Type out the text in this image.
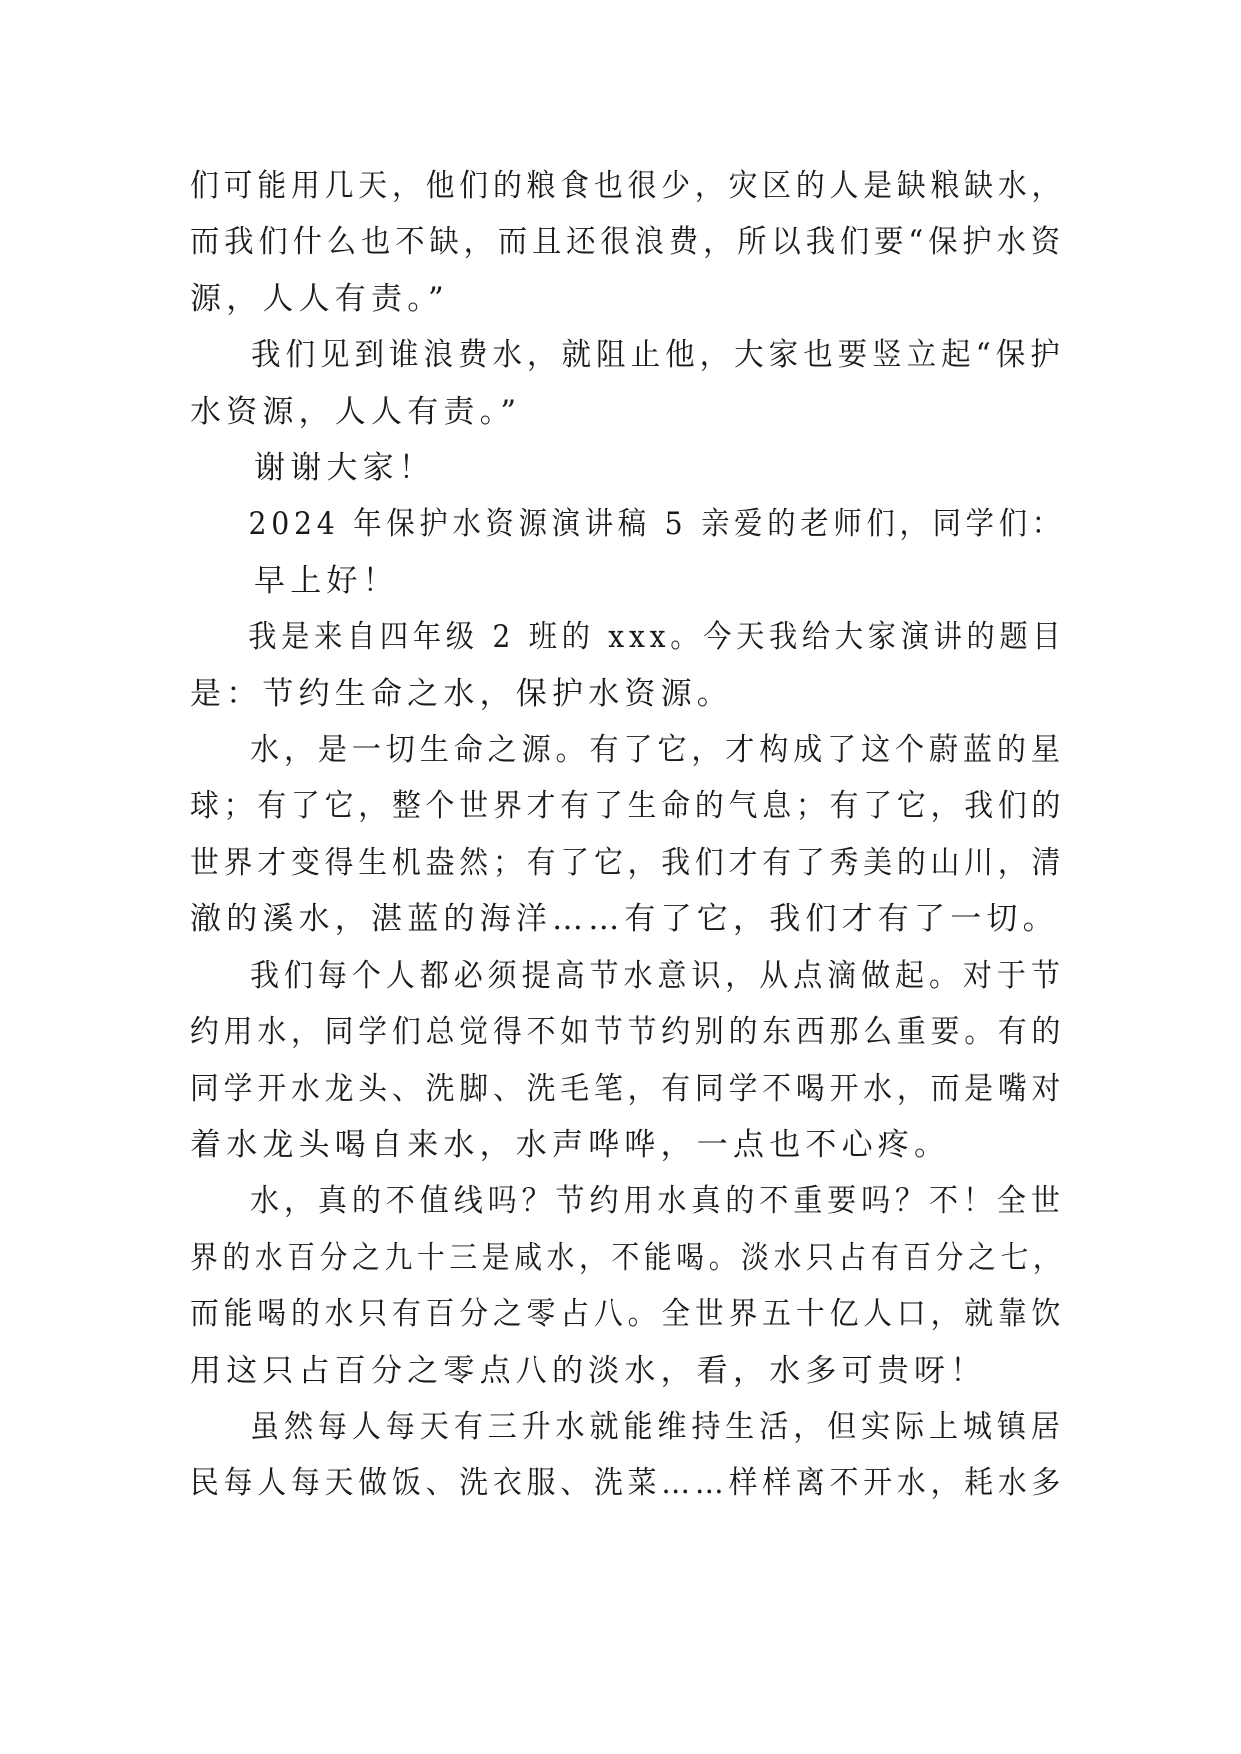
们可能用几天，他们的粮食也很少，灾区的人是缺粮缺水，
而我们什么也不缺，而且还很浪费，所以我们要“保护水资
源，人人有责。”
我们见到谁浪费水，就阻止他，大家也要竖立起“保护
水资源，人人有责。”
谢谢大家！
2024 年保护水资源演讲稿 5 亲爱的老师们，同学们：
早上好！
我是来自四年级 2 班的 xxx。今天我给大家演讲的题目
是：节约生命之水，保护水资源。
水，是一切生命之源。有了它，才构成了这个蔚蓝的星
球；有了它，整个世界才有了生命的气息；有了它，我们的
世界才变得生机盎然；有了它，我们才有了秀美的山川，清
澈的溪水，湛蓝的海洋……有了它，我们才有了一切。
我们每个人都必须提高节水意识，从点滴做起。对于节
约用水，同学们总觉得不如节节约别的东西那么重要。有的
同学开水龙头、洗脚、洗毛笔，有同学不喝开水，而是嘴对
着水龙头喝自来水，水声哗哗，一点也不心疼。
水，真的不值线吗？节约用水真的不重要吗？不！全世
界的水百分之九十三是咸水，不能喝。淡水只占有百分之七，
而能喝的水只有百分之零占八。全世界五十亿人口，就靠饮
用这只占百分之零点八的淡水，看，水多可贵呀！
虽然每人每天有三升水就能维持生活，但实际上城镇居
民每人每天做饭、洗衣服、洗菜……样样离不开水，耗水多
